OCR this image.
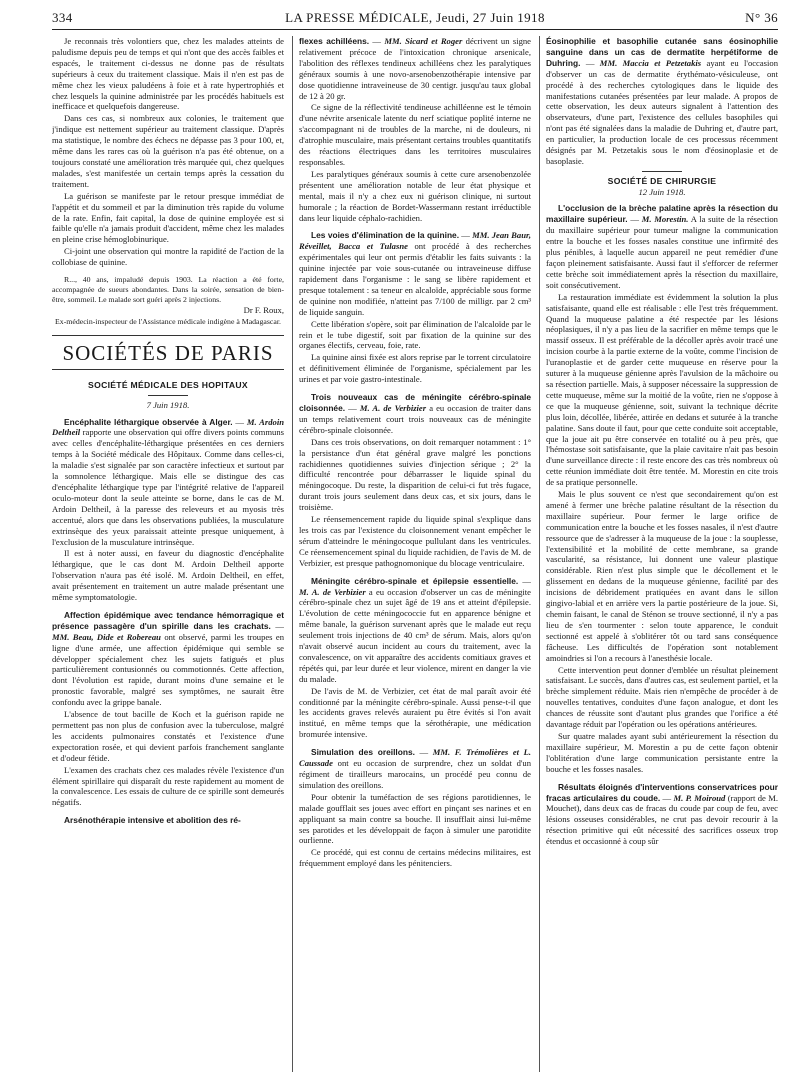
334	LA PRESSE MÉDICALE, Jeudi, 27 Juin 1918	N° 36

Je reconnais très volontiers que, chez les malades atteints de paludisme depuis peu de temps et qui n'ont que des accès faibles et espacés, le traitement ci-dessus ne donne pas de résultats supérieurs à ceux du traitement classique. Mais il n'en est pas de même chez les vieux paludéens à foie et à rate hypertrophiés et chez lesquels la quinine administrée par les procédés habituels est inefficace et quelquefois dangereuse.

Dans ces cas, si nombreux aux colonies, le traitement que j'indique est nettement supérieur au traitement classique. D'après ma statistique, le nombre des échecs ne dépasse pas 3 pour 100, et, même dans les rares cas où la guérison n'a pas été obtenue, on a toujours constaté une amélioration très marquée qui, chez quelques malades, s'est manifestée un certain temps après la cessation du traitement.

La guérison se manifeste par le retour presque immédiat de l'appétit et du sommeil et par la diminution très rapide du volume de la rate. Enfin, fait capital, la dose de quinine employée est si faible qu'elle n'a jamais produit d'accident, même chez les malades en pleine crise hémoglobinurique.

Ci-joint une observation qui montre la rapidité de l'action de la collobiase de quinine.

R..., 40 ans, impaludé depuis 1903. La réaction a été forte, accompagnée de sueurs abondantes. Dans la soirée, sensation de bien-être, sommeil. Le malade sort guéri après 2 injections.

Dr F. Roux,
Ex-médecin-inspecteur de l'Assistance médicale indigène à Madagascar.
SOCIÉTÉS DE PARIS
SOCIÉTÉ MÉDICALE DES HOPITAUX
7 Juin 1918.

Encéphalite léthargique observée à Alger. — M. Ardoin Deltheil rapporte une observation qui offre divers points communs avec celles d'encéphalite-léthargique présentées en ces derniers temps à la Société médicale des Hôpitaux. Comme dans celles-ci, la maladie s'est signalée par son caractère infectieux et surtout par la somnolence léthargique. Mais elle se distingue des cas d'encéphalite léthargique type par l'intégrité relative de l'appareil oculo-moteur dont la seule atteinte se borne, dans le cas de M. Ardoin Deltheil, à la paresse des releveurs et au myosis très accentué, alors que dans les observations publiées, la musculature extrinsèque des yeux paraissait atteinte presque uniquement, à l'exclusion de la musculature intrinsèque.

Il est à noter aussi, en faveur du diagnostic d'encéphalite léthargique, que le cas dont M. Ardoin Deltheil apporte l'observation n'aura pas été isolé. M. Ardoin Deltheil, en effet, avait présentement en traitement un autre malade présentant une même symptomatologie.

Affection épidémique avec tendance hémorragique et présence passagère d'un spirille dans les crachats. — MM. Beau, Dide et Robereau ont observé, parmi les troupes en ligne d'une armée, une affection épidémique qui semble se développer spécialement chez les sujets fatigués et plus particulièrement contusionnés ou commotionnés. Cette affection, dont l'évolution est rapide, durant moins d'une semaine et le pronostic favorable, malgré ses symptômes, ne saurait être confondu avec la grippe banale.

L'absence de tout bacille de Koch et la guérison rapide ne permettent pas non plus de confusion avec la tuberculose, malgré les accidents pulmonaires constatés et l'existence d'une expectoration rosée, et qui devient parfois franchement sanglante et d'odeur fétide.

L'examen des crachats chez ces malades révèle l'existence d'un élément spirillaire qui disparaît du reste rapidement au moment de la convalescence. Les essais de culture de ce spirille sont demeurés négatifs.

Arsénothérapie intensive et abolition des ré-

flexes achilléens. — MM. Sicard et Roger décrivent un signe relativement précoce de l'intoxication chronique arsenicale, l'abolition des réflexes tendineux achilléens chez les paralytiques généraux soumis à une novo-arsenobenzothérapie intensive par dose quotidienne intraveineuse de 30 centigr. jusqu'au taux global de 12 à 20 gr.

Ce signe de la réflectivité tendineuse achilléenne est le témoin d'une névrite arsenicale latente du nerf sciatique poplité interne ne s'accompagnant ni de troubles de la marche, ni de douleurs, ni d'atrophie musculaire, mais présentant certains troubles quantitatifs des réactions électriques dans les territoires musculaires responsables.

Les paralytiques généraux soumis à cette cure arsenobenzolée présentent une amélioration notable de leur état physique et mental, mais il n'y a chez eux ni guérison clinique, ni surtout humorale ; la réaction de Bordet-Wassermann restant irréductible dans leur liquide céphalo-rachidien.

Les voies d'élimination de la quinine. — MM. Jean Baur, Réveillet, Bacca et Tulasne ont procédé à des recherches expérimentales qui leur ont permis d'établir les faits suivants : la quinine injectée par voie sous-cutanée ou intraveineuse diffuse rapidement dans l'organisme : le sang se libère rapidement et presque totalement : sa teneur en alcaloïde, appréciable sous forme de quinine non modifiée, n'atteint pas 7/100 de milligr. par 2 cm³ de liquide sanguin.

Cette libération s'opère, soit par élimination de l'alcaloïde par le rein et le tube digestif, soit par fixation de la quinine sur des organes électifs, cerveau, foie, rate.

La quinine ainsi fixée est alors reprise par le torrent circulatoire et définitivement éliminée de l'organisme, spécialement par les urines et par voie gastro-intestinale.

Trois nouveaux cas de méningite cérébro-spinale cloisonnée. — M. A. de Verbizier a eu occasion de traiter dans un temps relativement court trois nouveaux cas de méningite cérébro-spinale cloisonnée.

Dans ces trois observations, on doit remarquer notamment : 1° la persistance d'un état général grave malgré les ponctions rachidiennes quotidiennes suivies d'injection sérique ; 2° la difficulté rencontrée pour débarrasser le liquide spinal du méningocoque. Du reste, la disparition de celui-ci fut très fugace, durant trois jours seulement dans deux cas, et six jours, dans le troisième.

Le réensemencement rapide du liquide spinal s'explique dans les trois cas par l'existence du cloisonnement venant empêcher le sérum d'atteindre le méningocoque pullulant dans les ventricules. Ce réensemencement spinal du liquide rachidien, de l'avis de M. de Verbizier, est presque pathognomonique du blocage ventriculaire.

Méningite cérébro-spinale et épilepsie essentielle. — M. A. de Verbizier a eu occasion d'observer un cas de méningite cérébro-spinale chez un sujet âgé de 19 ans et atteint d'épilepsie. L'évolution de cette méningococcie fut en apparence bénigne et même banale, la guérison survenant après que le malade eut reçu seulement trois injections de 40 cm³ de sérum. Mais, alors qu'on n'avait observé aucun incident au cours du traitement, avec la convalescence, on vit apparaître des accidents comitiaux graves et répétés qui, par leur durée et leur violence, mirent en danger la vie du malade.

De l'avis de M. de Verbizier, cet état de mal paraît avoir été conditionné par la méningite cérébro-spinale. Aussi pense-t-il que les accidents graves relevés auraient pu être évités si l'on avait institué, en même temps que la sérothérapie, une médication bromurée intensive.

Simulation des oreillons. — MM. F. Trémolières et L. Caussade ont eu occasion de surprendre, chez un soldat d'un régiment de tirailleurs marocains, un procédé peu connu de simulation des oreillons.

Pour obtenir la tuméfaction de ses régions parotidiennes, le malade goufflait ses joues avec effort en pinçant ses narines et en appliquant sa main contre sa bouche. Il insufflait ainsi lui-même ses parotides et les développait de façon à simuler une parotidite ourlienne.

Ce procédé, qui est connu de certains médecins militaires, est fréquemment employé dans les pénitenciers.

Éosinophilie et basophilie cutanée sans éosinophilie sanguine dans un cas de dermatite herpétiforme de Duhring. — MM. Maccia et Petzetakis ayant eu l'occasion d'observer un cas de dermatite érythémato-vésiculeuse, ont procédé à des recherches cytologiques dans le liquide des manifestations cutanées présentées par leur malade. A propos de cette observation, les deux auteurs signalent à l'attention des observateurs, d'une part, l'existence des cellules basophiles qui n'ont pas été signalées dans la maladie de Duhring et, d'autre part, en particulier, la production locale de ces processus récemment désignés par M. Petzetakis sous le nom d'éosinoplasie et de basoplasie.

SOCIÉTÉ DE CHIRURGIE
12 Juin 1918.

L'occlusion de la brèche palatine après la résection du maxillaire supérieur. — M. Morestin. A la suite de la résection du maxillaire supérieur pour tumeur maligne la communication entre la bouche et les fosses nasales constitue une infirmité des plus pénibles, à laquelle aucun appareil ne peut remédier d'une façon pleinement satisfaisante. Aussi faut il s'efforcer de refermer cette brèche soit immédiatement après la résection du maxillaire, soit consécutivement.

La restauration immédiate est évidemment la solution la plus satisfaisante, quand elle est réalisable : elle l'est très fréquemment. Quand la muqueuse palatine a été respectée par les lésions néoplasiques, il n'y a pas lieu de la sacrifier en même temps que le massif osseux. Il est préférable de la décoller après avoir tracé une incision courbe à la partie externe de la voûte, comme l'incision de l'uranoplastie et de garder cette muqueuse en réserve pour la suturer à la muqueuse génienne après l'avulsion de la mâchoire ou sa résection partielle. Mais, à supposer nécessaire la suppression de cette muqueuse, même sur la moitié de la voûte, rien ne s'oppose à ce que la muqueuse génienne, soit, suivant la technique décrite plus loin, décollée, libérée, attirée en dedans et suturée à la tranche palatine. Sans doute il faut, pour que cette conduite soit acceptable, que la joue ait pu être conservée en totalité ou à peu près, que l'hémostase soit satisfaisante, que la plaie cavitaire n'ait pas besoin d'une surveillance directe : il reste encore des cas très nombreux où cette réunion immédiate doit être tentée. M. Morestin en cite trois de sa pratique personnelle.

Mais le plus souvent ce n'est que secondairement qu'on est amené à fermer une brèche palatine résultant de la résection du maxillaire supérieur. Pour fermer le large orifice de communication entre la bouche et les fosses nasales, il n'est d'autre ressource que de s'adresser à la muqueuse de la joue : la souplesse, l'extensibilité et la mobilité de cette membrane, sa grande vascularité, sa résistance, lui donnent une valeur plastique considérable. Rien n'est plus simple que le décollement et le glissement en dedans de la muqueuse génienne, facilité par des incisions de débridement pratiquées en avant dans le sillon gingivo-labial et en arrière vers la partie postérieure de la joue. Si, chemin faisant, le canal de Sténon se trouve sectionné, il n'y a pas lieu de s'en tourmenter : selon toute apparence, le conduit sectionné est appelé à s'oblitérer tôt ou tard sans conséquence fâcheuse. Les difficultés de l'opération sont notablement amoindries si l'on a recours à l'anesthésie locale.

Cette intervention peut donner d'emblée un résultat pleinement satisfaisant. Le succès, dans d'autres cas, est seulement partiel, et la brèche simplement réduite. Mais rien n'empêche de procéder à de nouvelles tentatives, conduites d'une façon analogue, et dont les chances de réussite sont d'autant plus grandes que l'orifice a été davantage réduit par l'opération ou les opérations antérieures.

Sur quatre malades ayant subi antérieurement la résection du maxillaire supérieur, M. Morestin a pu de cette façon obtenir l'oblitération d'une large communication persistante entre la bouche et les fosses nasales.

Résultats éloignés d'interventions conservatrices pour fracas articulaires du coude. — M. P. Moiroud (rapport de M. Mouchet), dans deux cas de fracas du coude par coup de feu, avec lésions osseuses considérables, ne crut pas devoir recourir à la résection primitive qui eût nécessité des sacrifices osseux trop étendus et occasionné à coup sûr
